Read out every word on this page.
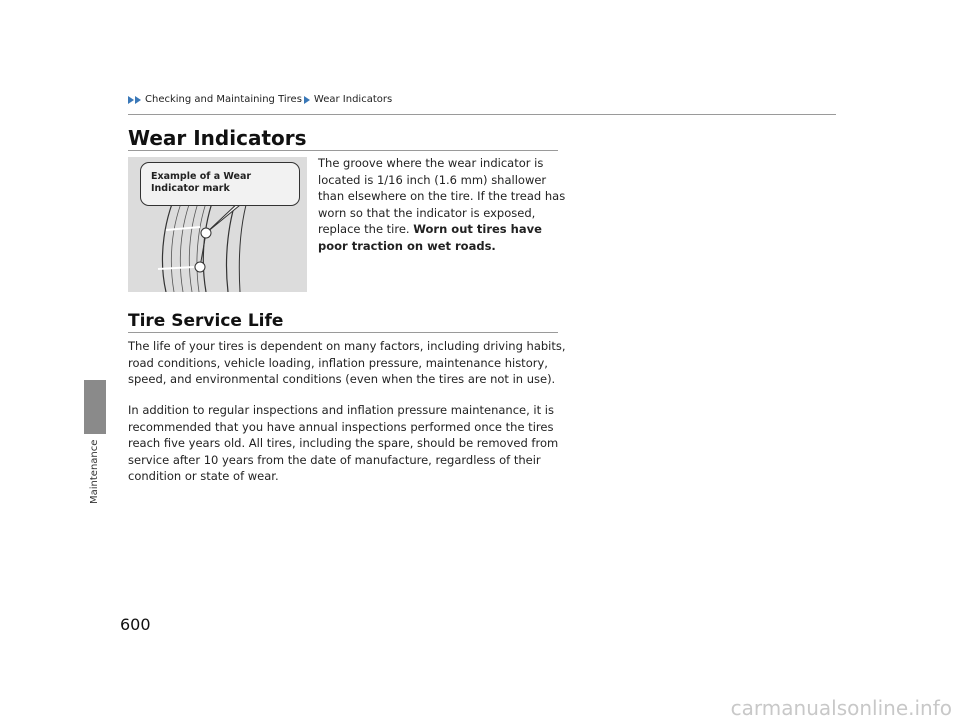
Checking and Maintaining Tires Wear Indicators
Maintenance
Wear Indicators
Example of a Wear Indicator mark

The groove where the wear indicator is located is 1/16 inch (1.6 mm) shallower than elsewhere on the tire. If the tread has worn so that the indicator is exposed, replace the tire. Worn out tires have poor traction on wet roads.

Tire Service Life

The life of your tires is dependent on many factors, including driving habits, road conditions, vehicle loading, inflation pressure, maintenance history, speed, and environmental conditions (even when the tires are not in use).

In addition to regular inspections and inflation pressure maintenance, it is recommended that you have annual inspections performed once the tires reach five years old. All tires, including the spare, should be removed from service after 10 years from the date of manufacture, regardless of their condition or state of wear.

600
carmanualsonline.info
